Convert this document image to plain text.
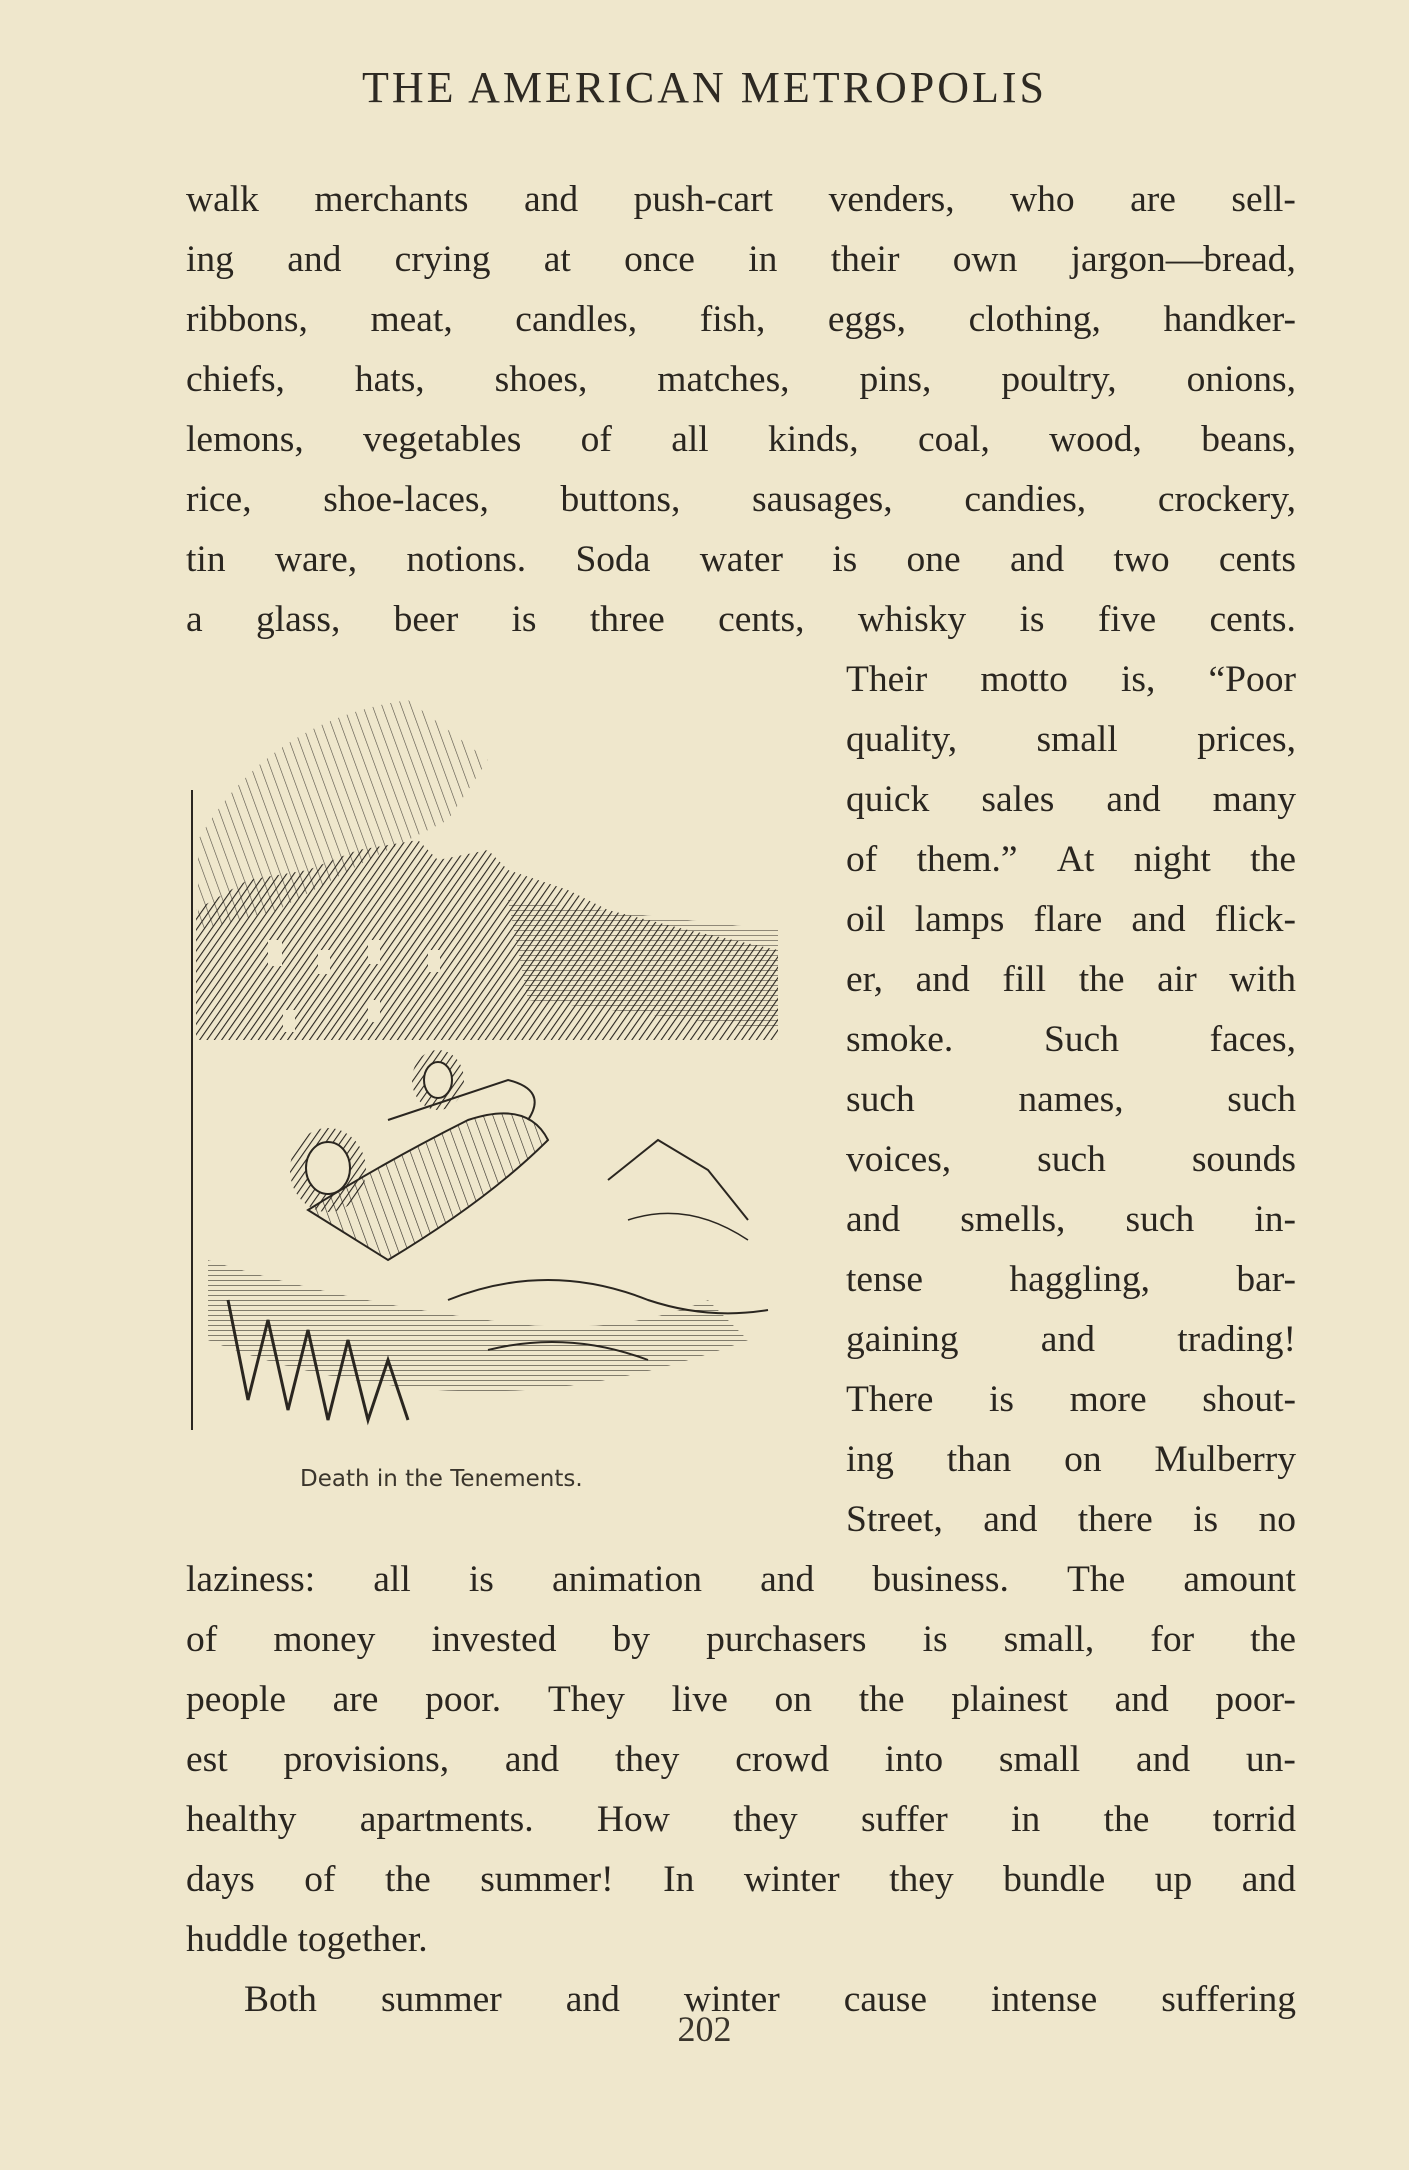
THE AMERICAN METROPOLIS
walk merchants and push-cart venders, who are sell-
ing and crying at once in their own jargon—bread,
ribbons, meat, candles, fish, eggs, clothing, handker-
chiefs, hats, shoes, matches, pins, poultry, onions,
lemons, vegetables of all kinds, coal, wood, beans,
rice, shoe-laces, buttons, sausages, candies, crockery,
tin ware, notions. Soda water is one and two cents
a glass, beer is three cents, whisky is five cents.
Their motto is, “Poor
quality, small prices,
quick sales and many
of them.” At night the
oil lamps flare and flick-
er, and fill the air with
smoke. Such faces,
such	names,	such
voices, such sounds
and smells, such in-
tense haggling, bar-
gaining and trading!
There is more shout-
ing than on Mulberry
Street, and there is no
laziness: all is animation and business. The amount
of money invested by purchasers is small, for the
people are poor. They live on the plainest and poor-
est provisions, and they crowd into small and un-
healthy apartments. How they suffer in the torrid
days of the summer! In winter they bundle up and
huddle together.
Both summer and winter cause intense suffering
Death in the Tenements.
202
